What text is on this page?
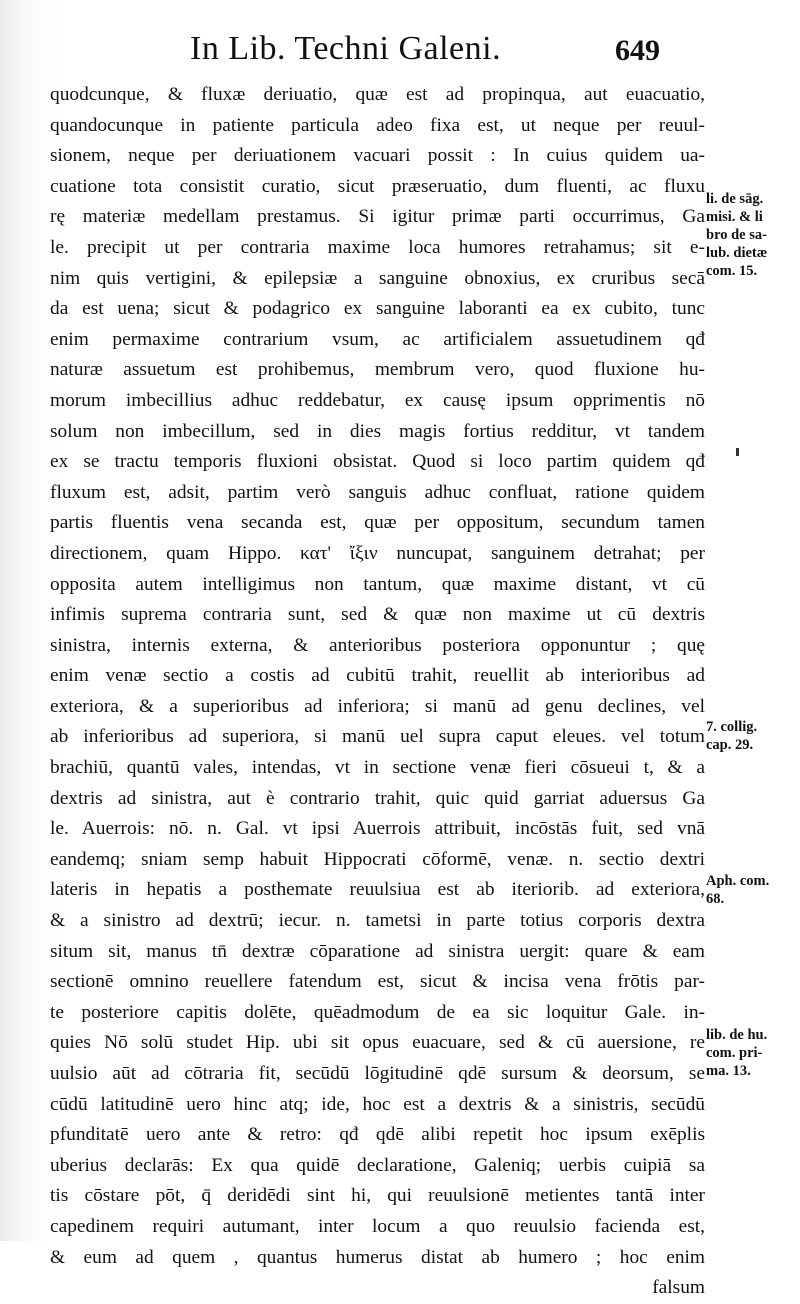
In Lib. Techni Galeni.	649
quodcunque, & fluxæ deriuatio, quæ est ad propinqua, aut euacuatio,
quandocunque in patiente particula adeo fixa est, ut neque per reuul-
sionem, neque per deriuationem vacuari possit : In cuius quidem ua-
cuatione tota consistit curatio, sicut præseruatio, dum fluenti, ac fluxu
rę materiæ medellam prestamus. Si igitur primæ parti occurrimus, Ga
le. precipit ut per contraria maxime loca humores retrahamus; sit e-
nim quis vertigini, & epilepsiæ a sanguine obnoxius, ex cruribus secā
da est uena; sicut & podagrico ex sanguine laboranti ea ex cubito, tunc
enim permaxime contrarium vsum, ac artificialem assuetudinem qđ
naturæ assuetum est prohibemus, membrum vero, quod fluxione hu-
morum imbecillius adhuc reddebatur, ex causę ipsum opprimentis nō
solum non imbecillum, sed in dies magis fortius redditur, vt tandem
ex se tractu temporis fluxioni obsistat. Quod si loco partim quidem qđ
fluxum est, adsit, partim verò sanguis adhuc confluat, ratione quidem
partis fluentis vena secanda est, quæ per oppositum, secundum tamen
directionem, quam Hippo. κατ' ἴξιν nuncupat, sanguinem detrahat; per
opposita autem intelligimus non tantum, quæ maxime distant, vt cū
infimis suprema contraria sunt, sed & quæ non maxime ut cū dextris
sinistra, internis externa, & anterioribus posteriora opponuntur ; quę
enim venæ sectio a costis ad cubitū trahit, reuellit ab interioribus ad
exteriora, & a superioribus ad inferiora; si manū ad genu declines, vel
ab inferioribus ad superiora, si manū uel supra caput eleues. vel totum
brachiū, quantū vales, intendas, vt in sectione venæ fieri cōsueui t, & a
dextris ad sinistra, aut è contrario trahit, quic quid garriat aduersus Ga
le. Auerrois: nō. n. Gal. vt ipsi Auerrois attribuit, incōstās fuit, sed vnā
eandemq; sniam semp habuit Hippocrati cōformē, venæ. n. sectio dextri
lateris in hepatis a posthemate reuulsiua est ab iteriorib. ad exteriora,
& a sinistro ad dextrū; iecur. n. tametsi in parte totius corporis dextra
situm sit, manus tn̄ dextræ cōparatione ad sinistra uergit: quare & eam
sectionē omnino reuellere fatendum est, sicut & incisa vena frōtis par-
te posteriore capitis dolēte, quēadmodum de ea sic loquitur Gale. in-
quies Nō solū studet Hip. ubi sit opus euacuare, sed & cū auersione, re
uulsio aūt ad cōtraria fit, secūdū lōgitudinē qdē sursum & deorsum, se
cūdū latitudinē uero hinc atq; ide, hoc est a dextris & a sinistris, secūdū
pfunditatē uero ante & retro: qđ qdē alibi repetit hoc ipsum exēplis
uberius declarās: Ex qua quidē declaratione, Galeniq; uerbis cuipiā sa
tis cōstare pōt, q̄ deridēdi sint hi, qui reuulsionē metientes tantā inter
capedinem requiri autumant, inter locum a quo reuulsio facienda est,
& eum ad quem , quantus humerus distat ab humero ; hoc enim
falsum
li. de sāg.
misi. & li
bro de sa-
lub. dietæ
com. 15.
7. collig.
cap. 29.
Aph. com.
68.
lib. de hu.
com. pri-
ma. 13.
